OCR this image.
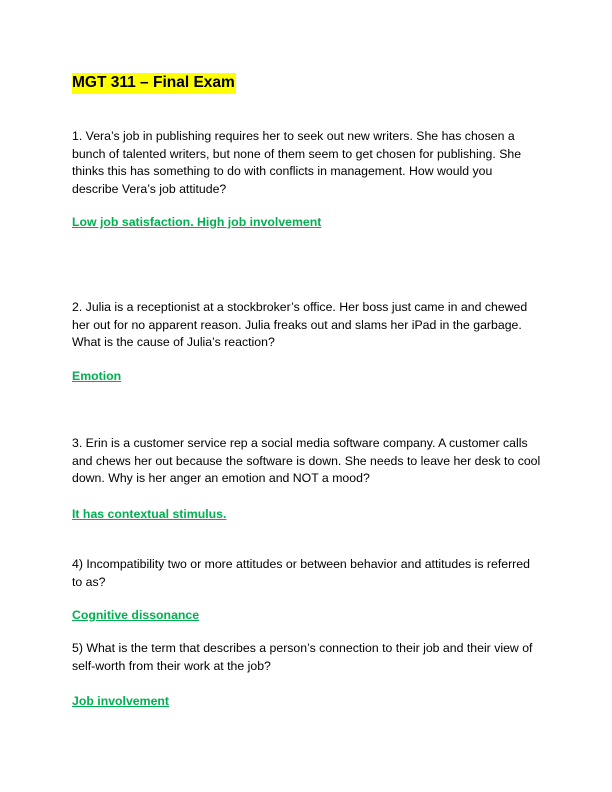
MGT 311 – Final Exam

1. Vera’s job in publishing requires her to seek out new writers. She has chosen a bunch of talented writers, but none of them seem to get chosen for publishing. She thinks this has something to do with conflicts in management. How would you describe Vera’s job attitude?

Low job satisfaction. High job involvement

2. Julia is a receptionist at a stockbroker’s office. Her boss just came in and chewed her out for no apparent reason. Julia freaks out and slams her iPad in the garbage. What is the cause of Julia’s reaction?

Emotion

3. Erin is a customer service rep a social media software company. A customer calls and chews her out because the software is down. She needs to leave her desk to cool down. Why is her anger an emotion and NOT a mood?

It has contextual stimulus.

4) Incompatibility two or more attitudes or between behavior and attitudes is referred to as?

Cognitive dissonance

5) What is the term that describes a person’s connection to their job and their view of self-worth from their work at the job?

Job involvement
